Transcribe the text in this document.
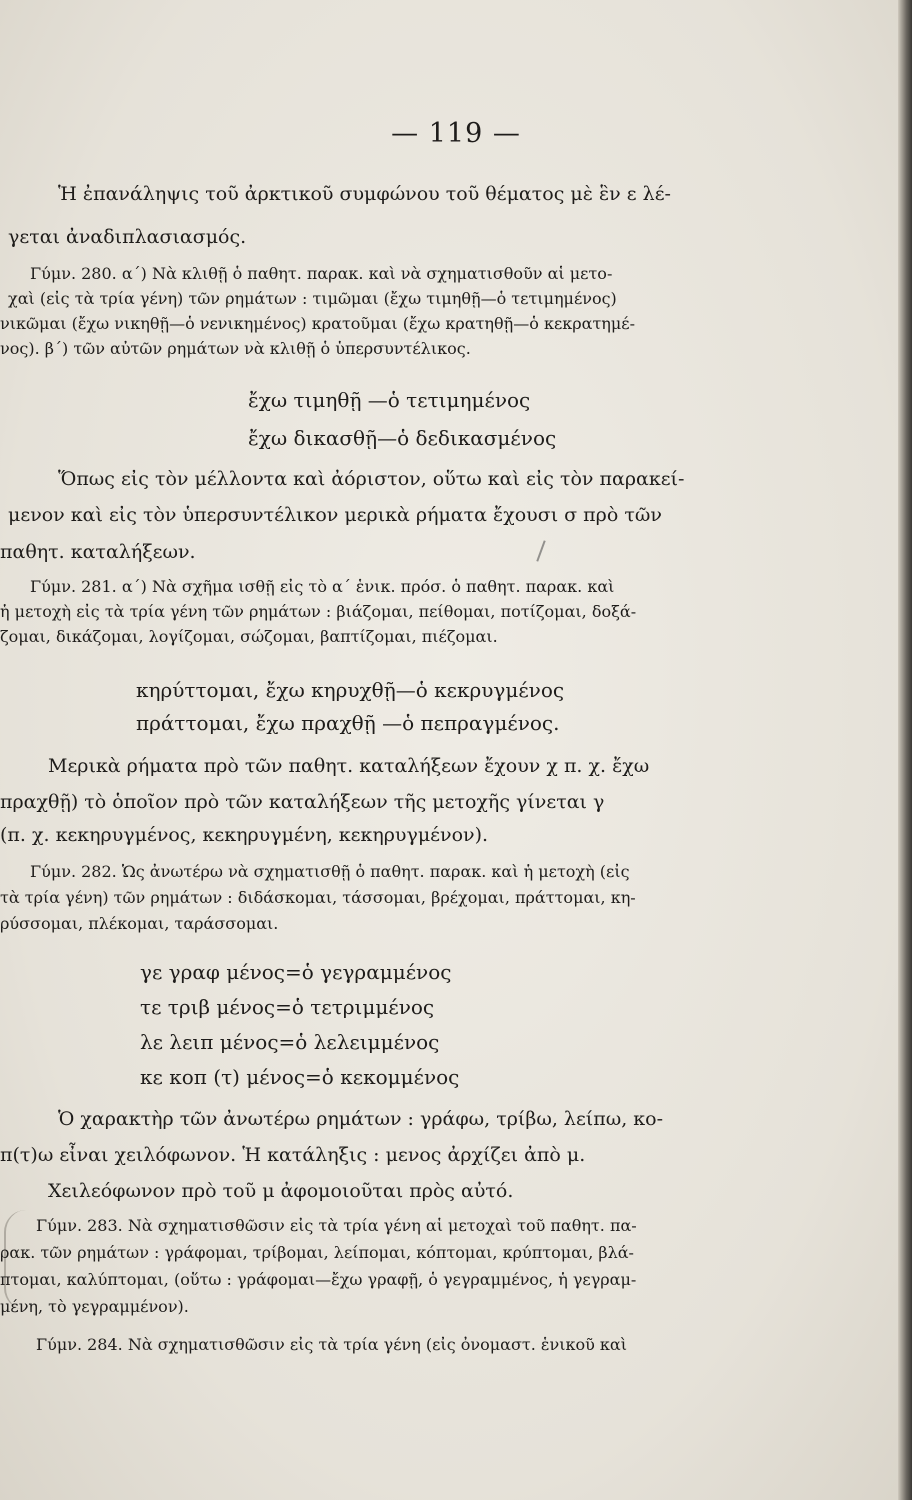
— 119 —

Ἡ ἐπανάληψις τοῦ ἀρκτικοῦ συμφώνου τοῦ θέματος μὲ ἓν ε λέ-

γεται ἀναδιπλασιασμός.

Γύμν. 280. α΄) Νὰ κλιθῇ ὁ παθητ. παρακ. καὶ νὰ σχηματισθοῦν αἱ μετο-

χαὶ (εἰς τὰ τρία γένη) τῶν ρημάτων : τιμῶμαι (ἔχω τιμηθῇ—ὁ τετιμημένος)

νικῶμαι (ἔχω νικηθῇ—ὁ νενικημένος) κρατοῦμαι (ἔχω κρατηθῇ—ὁ κεκρατημέ-

νος). β΄) τῶν αὐτῶν ρημάτων νὰ κλιθῇ ὁ ὑπερσυντέλικος.

ἔχω τιμηθῇ —ὁ τετιμημένος

ἔχω δικασθῇ—ὁ δεδικασμένος

Ὅπως εἰς τὸν μέλλοντα καὶ ἀόριστον, οὕτω καὶ εἰς τὸν παρακεί-

μενον καὶ εἰς τὸν ὑπερσυντέλικον μερικὰ ρήματα ἔχουσι σ πρὸ τῶν

παθητ. καταλήξεων.

Γύμν. 281. α΄) Νὰ σχῆμα ισθῇ εἰς τὸ α΄ ἑνικ. πρόσ. ὁ παθητ. παρακ. καὶ

ἡ μετοχὴ εἰς τὰ τρία γένη τῶν ρημάτων : βιάζομαι, πείθομαι, ποτίζομαι, δοξά-

ζομαι, δικάζομαι, λογίζομαι, σώζομαι, βαπτίζομαι, πιέζομαι.

κηρύττομαι, ἔχω κηρυχθῇ—ὁ κεκρυγμένος

πράττομαι, ἔχω πραχθῇ —ὁ πεπραγμένος.

Μερικὰ ρήματα πρὸ τῶν παθητ. καταλήξεων ἔχουν χ π. χ. ἔχω

πραχθῇ) τὸ ὁποῖον πρὸ τῶν καταλήξεων τῆς μετοχῆς γίνεται γ

(π. χ. κεκηρυγμένος, κεκηρυγμένη, κεκηρυγμένον).

Γύμν. 282. Ὡς ἀνωτέρω νὰ σχηματισθῇ ὁ παθητ. παρακ. καὶ ἡ μετοχὴ (εἰς

τὰ τρία γένη) τῶν ρημάτων : διδάσκομαι, τάσσομαι, βρέχομαι, πράττομαι, κη-

ρύσσομαι, πλέκομαι, ταράσσομαι.

γε γραφ μένος=ὁ γεγραμμένος

τε τριβ μένος=ὁ τετριμμένος

λε λειπ μένος=ὁ λελειμμένος

κε κοπ (τ) μένος=ὁ κεκομμένος

Ὁ χαρακτὴρ τῶν ἀνωτέρω ρημάτων : γράφω, τρίβω, λείπω, κο-

π(τ)ω εἶναι χειλόφωνον. Ἡ κατάληξις : μενος ἀρχίζει ἀπὸ μ.

Χειλεόφωνον πρὸ τοῦ μ ἀφομοιοῦται πρὸς αὐτό.

Γύμν. 283. Νὰ σχηματισθῶσιν εἰς τὰ τρία γένη αἱ μετοχαὶ τοῦ παθητ. πα-

ρακ. τῶν ρημάτων : γράφομαι, τρίβομαι, λείπομαι, κόπτομαι, κρύπτομαι, βλά-

πτομαι, καλύπτομαι, (οὕτω : γράφομαι—ἔχω γραφῇ, ὁ γεγραμμένος, ἡ γεγραμ-

μένη, τὸ γεγραμμένον).

Γύμν. 284. Νὰ σχηματισθῶσιν εἰς τὰ τρία γένη (εἰς ὀνομαστ. ἑνικοῦ καὶ
